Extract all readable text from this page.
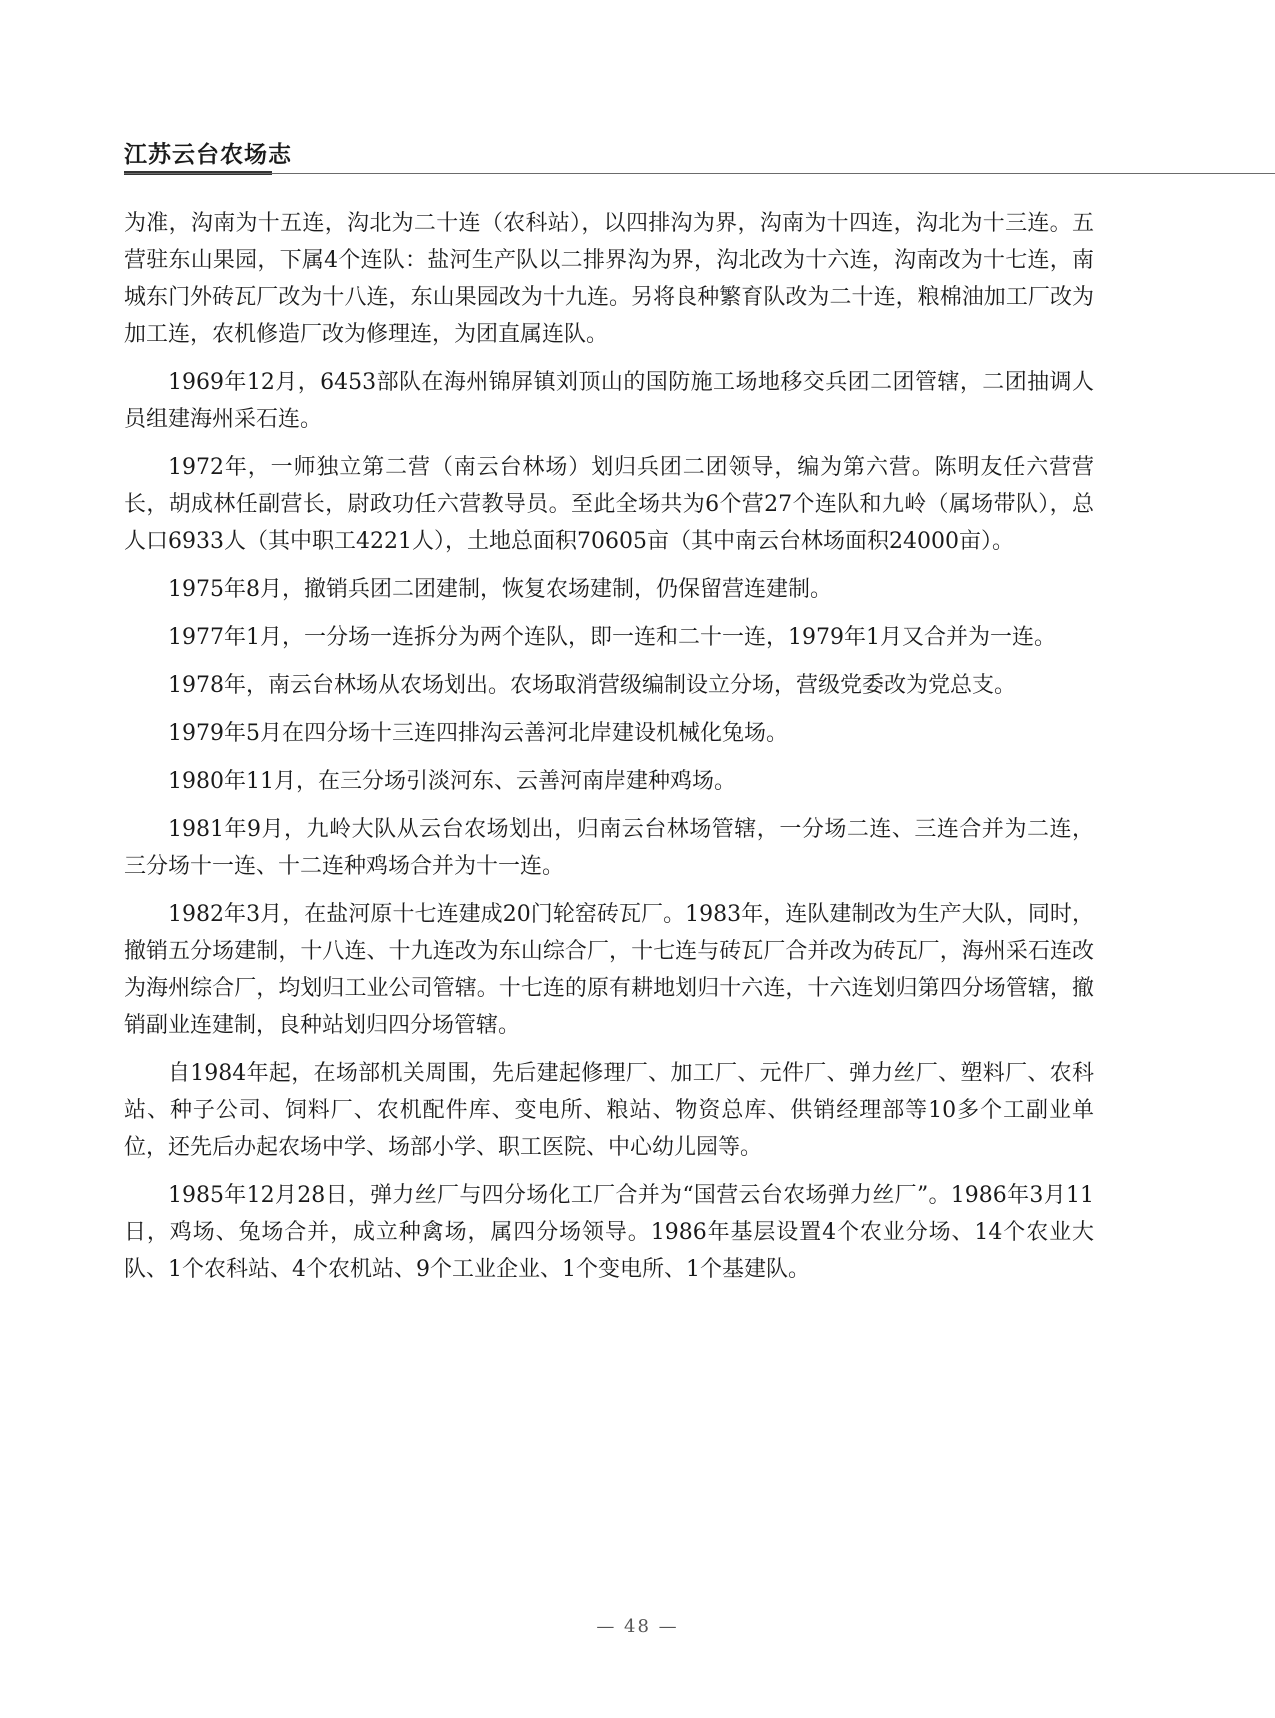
江苏云台农场志

为准，沟南为十五连，沟北为二十连（农科站），以四排沟为界，沟南为十四连，沟北为十三连。五营驻东山果园，下属4个连队：盐河生产队以二排界沟为界，沟北改为十六连，沟南改为十七连，南城东门外砖瓦厂改为十八连，东山果园改为十九连。另将良种繁育队改为二十连，粮棉油加工厂改为加工连，农机修造厂改为修理连，为团直属连队。

1969年12月，6453部队在海州锦屏镇刘顶山的国防施工场地移交兵团二团管辖，二团抽调人员组建海州采石连。

1972年，一师独立第二营（南云台林场）划归兵团二团领导，编为第六营。陈明友任六营营长，胡成林任副营长，尉政功任六营教导员。至此全场共为6个营27个连队和九岭（属场带队），总人口6933人（其中职工4221人），土地总面积70605亩（其中南云台林场面积24000亩）。

1975年8月，撤销兵团二团建制，恢复农场建制，仍保留营连建制。

1977年1月，一分场一连拆分为两个连队，即一连和二十一连，1979年1月又合并为一连。

1978年，南云台林场从农场划出。农场取消营级编制设立分场，营级党委改为党总支。

1979年5月在四分场十三连四排沟云善河北岸建设机械化兔场。

1980年11月，在三分场引淡河东、云善河南岸建种鸡场。

1981年9月，九岭大队从云台农场划出，归南云台林场管辖，一分场二连、三连合并为二连，三分场十一连、十二连种鸡场合并为十一连。

1982年3月，在盐河原十七连建成20门轮窑砖瓦厂。1983年，连队建制改为生产大队，同时，撤销五分场建制，十八连、十九连改为东山综合厂，十七连与砖瓦厂合并改为砖瓦厂，海州采石连改为海州综合厂，均划归工业公司管辖。十七连的原有耕地划归十六连，十六连划归第四分场管辖，撤销副业连建制，良种站划归四分场管辖。

自1984年起，在场部机关周围，先后建起修理厂、加工厂、元件厂、弹力丝厂、塑料厂、农科站、种子公司、饲料厂、农机配件库、变电所、粮站、物资总库、供销经理部等10多个工副业单位，还先后办起农场中学、场部小学、职工医院、中心幼儿园等。

1985年12月28日，弹力丝厂与四分场化工厂合并为“国营云台农场弹力丝厂”。1986年3月11日，鸡场、兔场合并，成立种禽场，属四分场领导。1986年基层设置4个农业分场、14个农业大队、1个农科站、4个农机站、9个工业企业、1个变电所、1个基建队。

— 48 —
